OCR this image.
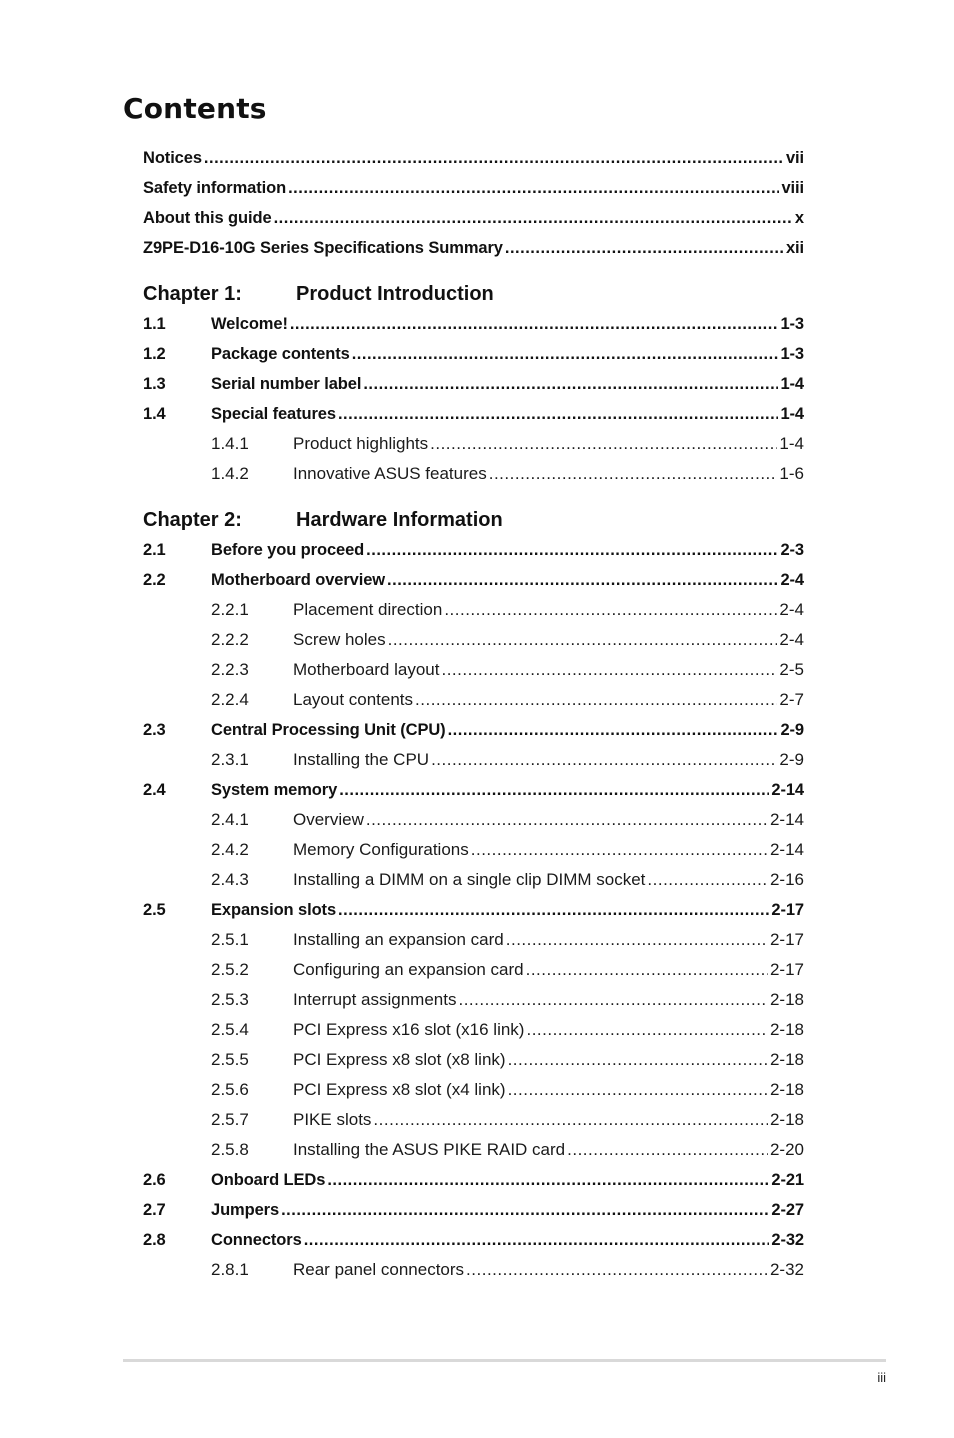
Contents
Notices .....	vii
Safety information .....	viii
About this guide .....	x
Z9PE-D16-10G Series Specifications Summary .....	xii
Chapter 1:	Product Introduction
1.1	Welcome! .....	1-3
1.2	Package contents .....	1-3
1.3	Serial number label .....	1-4
1.4	Special features .....	1-4
1.4.1	Product highlights .....	1-4
1.4.2	Innovative ASUS features .....	1-6
Chapter 2:	Hardware Information
2.1	Before you proceed .....	2-3
2.2	Motherboard overview .....	2-4
2.2.1	Placement direction .....	2-4
2.2.2	Screw holes .....	2-4
2.2.3	Motherboard layout .....	2-5
2.2.4	Layout contents .....	2-7
2.3	Central Processing Unit (CPU) .....	2-9
2.3.1	Installing the CPU .....	2-9
2.4	System memory .....	2-14
2.4.1	Overview .....	2-14
2.4.2	Memory Configurations .....	2-14
2.4.3	Installing a DIMM on a single clip DIMM socket .....	2-16
2.5	Expansion slots .....	2-17
2.5.1	Installing an expansion card .....	2-17
2.5.2	Configuring an expansion card .....	2-17
2.5.3	Interrupt assignments .....	2-18
2.5.4	PCI Express x16 slot (x16 link) .....	2-18
2.5.5	PCI Express x8 slot (x8 link) .....	2-18
2.5.6	PCI Express x8 slot (x4 link) .....	2-18
2.5.7	PIKE slots .....	2-18
2.5.8	Installing the ASUS PIKE RAID card .....	2-20
2.6	Onboard LEDs .....	2-21
2.7	Jumpers .....	2-27
2.8	Connectors .....	2-32
2.8.1	Rear panel connectors .....	2-32
iii
